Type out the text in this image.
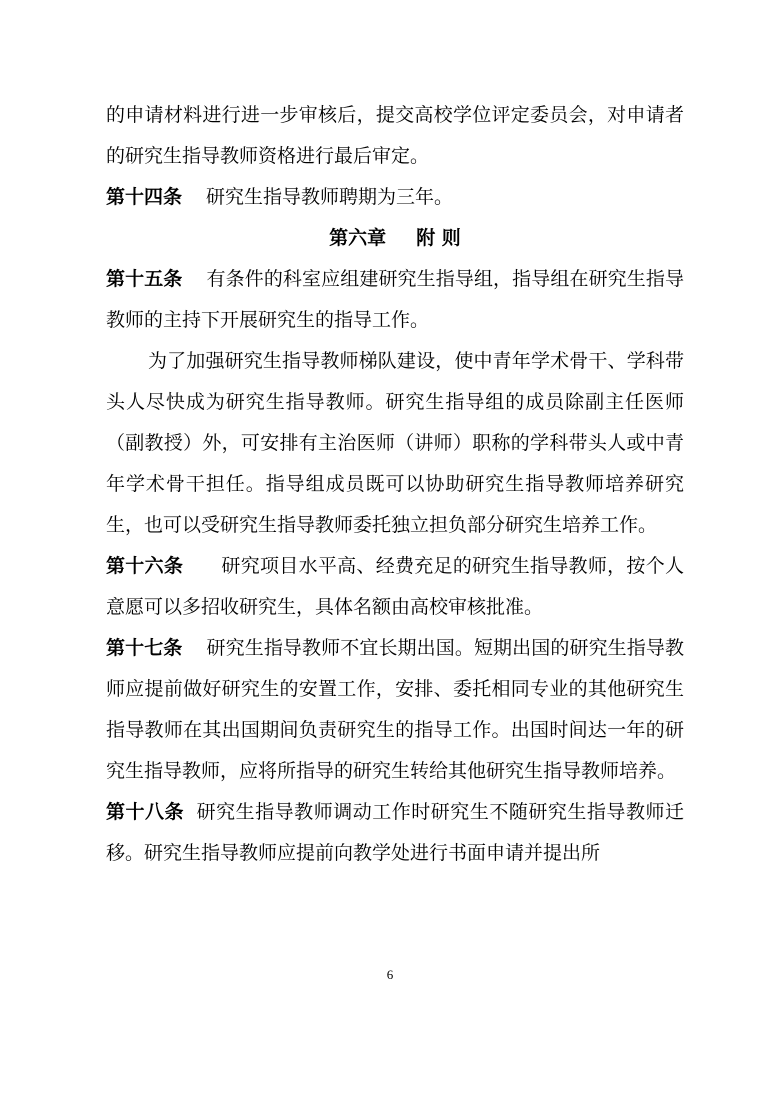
的申请材料进行进一步审核后，提交高校学位评定委员会，对申请者的研究生指导教师资格进行最后审定。

第十四条 研究生指导教师聘期为三年。

第六章 附 则

第十五条 有条件的科室应组建研究生指导组，指导组在研究生指导教师的主持下开展研究生的指导工作。

为了加强研究生指导教师梯队建设，使中青年学术骨干、学科带头人尽快成为研究生指导教师。研究生指导组的成员除副主任医师（副教授）外，可安排有主治医师（讲师）职称的学科带头人或中青年学术骨干担任。指导组成员既可以协助研究生指导教师培养研究生，也可以受研究生指导教师委托独立担负部分研究生培养工作。

第十六条 研究项目水平高、经费充足的研究生指导教师，按个人意愿可以多招收研究生，具体名额由高校审核批准。

第十七条 研究生指导教师不宜长期出国。短期出国的研究生指导教师应提前做好研究生的安置工作，安排、委托相同专业的其他研究生指导教师在其出国期间负责研究生的指导工作。出国时间达一年的研究生指导教师，应将所指导的研究生转给其他研究生指导教师培养。

第十八条 研究生指导教师调动工作时研究生不随研究生指导教师迁移。研究生指导教师应提前向教学处进行书面申请并提出所

6
